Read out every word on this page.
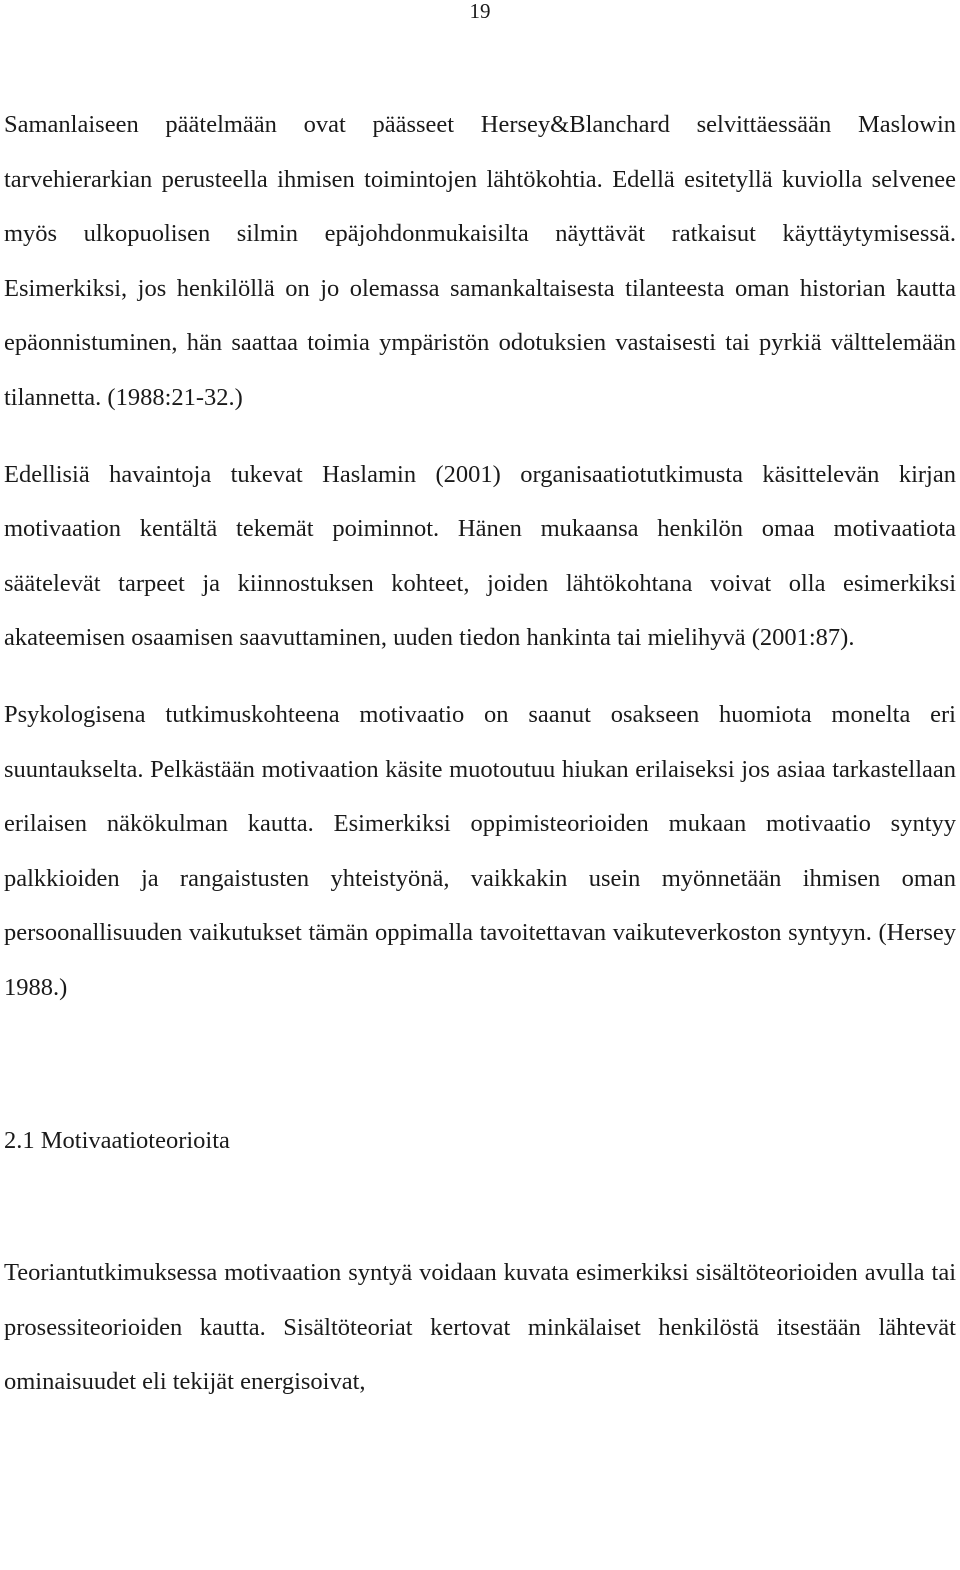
19

Samanlaiseen päätelmään ovat päässeet Hersey&Blanchard selvittäessään Maslowin tarvehierarkian perusteella ihmisen toimintojen lähtökohtia. Edellä esitetyllä kuviolla selvenee myös ulkopuolisen silmin epäjohdonmukaisilta näyttävät ratkaisut käyttäytymisessä. Esimerkiksi, jos henkilöllä on jo olemassa samankaltaisesta tilanteesta oman historian kautta epäonnistuminen, hän saattaa toimia ympäristön odotuksien vastaisesti tai pyrkiä välttelemään tilannetta. (1988:21-32.)

Edellisiä havaintoja tukevat Haslamin (2001) organisaatiotutkimusta käsittelevän kirjan motivaation kentältä tekemät poiminnot. Hänen mukaansa henkilön omaa motivaatiota säätelevät tarpeet ja kiinnostuksen kohteet, joiden lähtökohtana voivat olla esimerkiksi akateemisen osaamisen saavuttaminen, uuden tiedon hankinta tai mielihyvä (2001:87).

Psykologisena tutkimuskohteena motivaatio on saanut osakseen huomiota monelta eri suuntaukselta. Pelkästään motivaation käsite muotoutuu hiukan erilaiseksi jos asiaa tarkastellaan erilaisen näkökulman kautta. Esimerkiksi oppimisteorioiden mukaan motivaatio syntyy palkkioiden ja rangaistusten yhteistyönä, vaikkakin usein myönnetään ihmisen oman persoonallisuuden vaikutukset tämän oppimalla tavoitettavan vaikuteverkoston syntyyn. (Hersey 1988.)

2.1 Motivaatioteorioita

Teoriantutkimuksessa motivaation syntyä voidaan kuvata esimerkiksi sisältöteorioiden avulla tai prosessiteorioiden kautta. Sisältöteoriat kertovat minkälaiset henkilöstä itsestään lähtevät ominaisuudet eli tekijät energisoivat,
